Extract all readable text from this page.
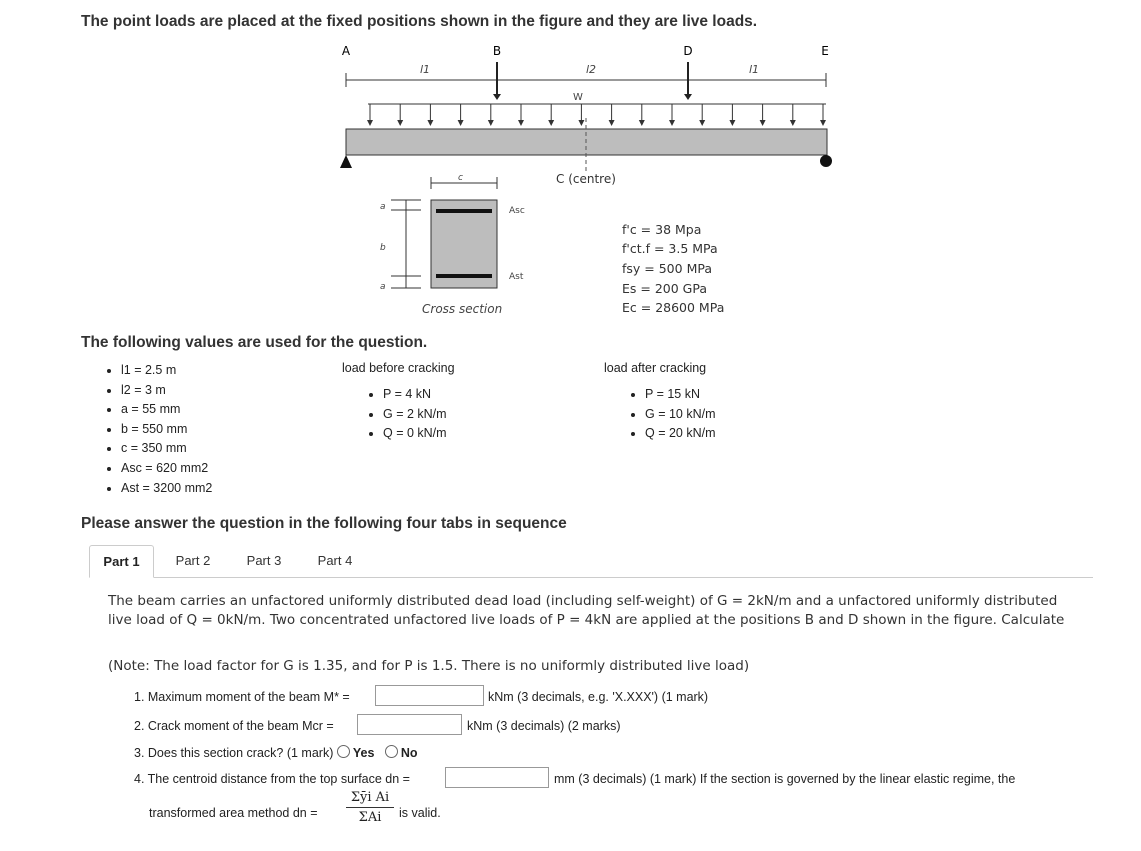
The point loads are placed at the fixed positions shown in the figure and they are live loads.
A	B	D	E
l1	l2	l1
W
C (centre)
c
a
b
a
Asc
Ast
Cross section
f'c = 38 Mpa
f'ct.f = 3.5 MPa
fsy = 500 MPa
Es = 200 GPa
Ec = 28600 MPa
The following values are used for the question.
• l1 = 2.5 m
• l2 = 3 m
• a = 55 mm
• b = 550 mm
• c = 350 mm
• Asc = 620 mm2
• Ast = 3200 mm2
load before cracking
• P = 4 kN
• G = 2 kN/m
• Q = 0 kN/m
load after cracking
• P = 15 kN
• G = 10 kN/m
• Q = 20 kN/m
Please answer the question in the following four tabs in sequence
Part 1	Part 2	Part 3	Part 4
The beam carries an unfactored uniformly distributed dead load (including self-weight) of G = 2kN/m and a unfactored uniformly distributed live load of Q = 0kN/m. Two concentrated unfactored live loads of P = 4kN are applied at the positions B and D shown in the figure. Calculate
(Note: The load factor for G is 1.35, and for P is 1.5. There is no uniformly distributed live load)
1. Maximum moment of the beam M* =	kNm (3 decimals, e.g. 'X.XXX') (1 mark)
2. Crack moment of the beam Mcr =	kNm (3 decimals) (2 marks)
3. Does this section crack? (1 mark) Yes No
4. The centroid distance from the top surface dn =	mm (3 decimals) (1 mark) If the section is governed by the linear elastic regime, the
transformed area method dn =
Σȳi Ai
ΣAi	is valid.
